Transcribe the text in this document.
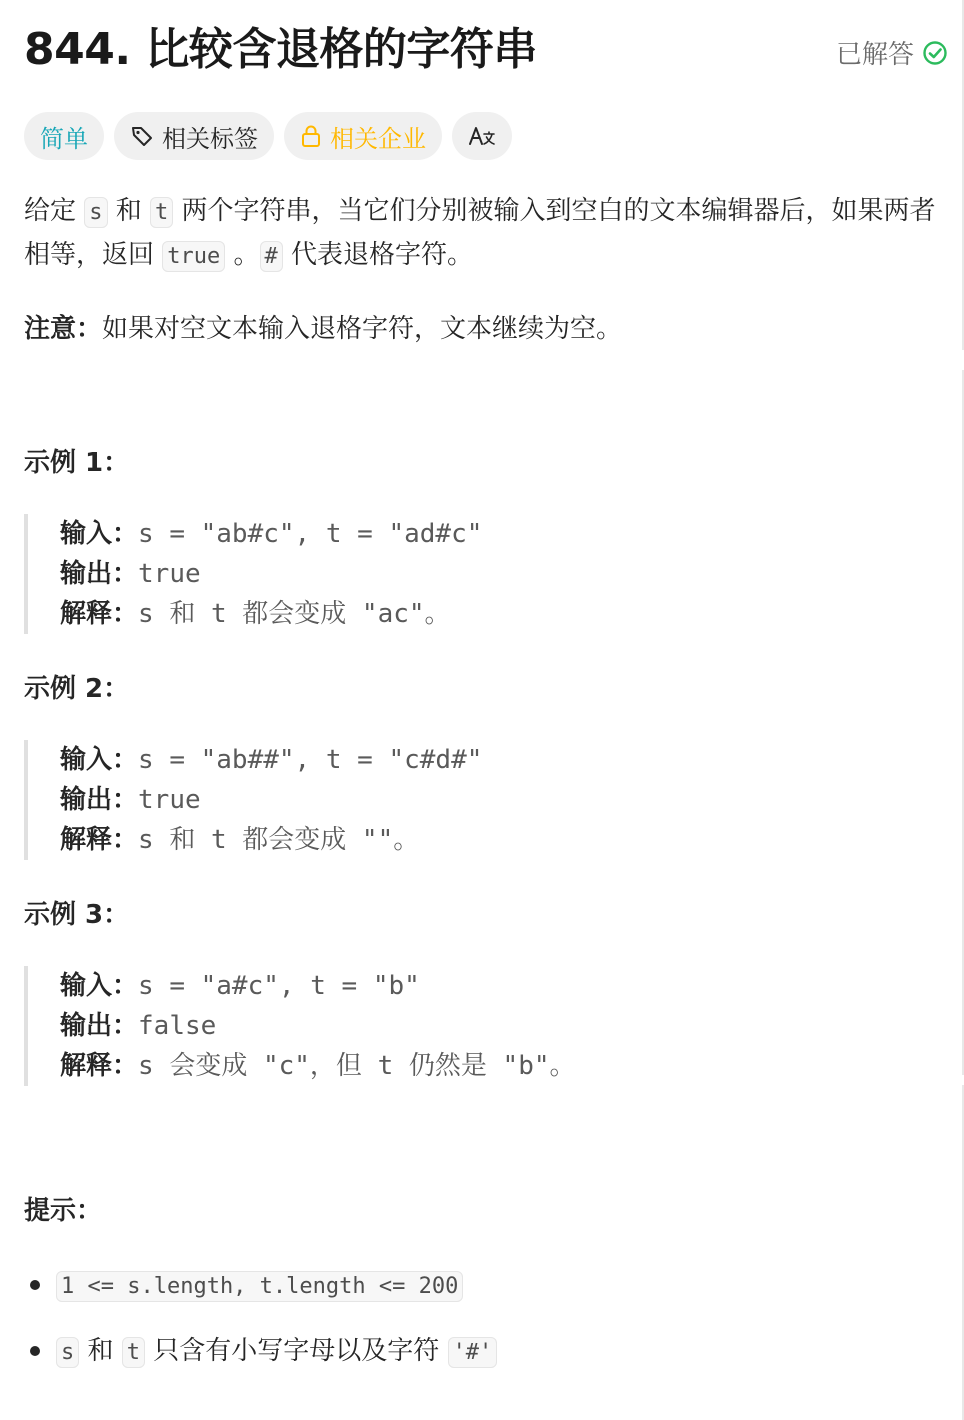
844. 比较含退格的字符串	已解答
简单	相关标签	相关企业

给定 s 和 t 两个字符串，当它们分别被输入到空白的文本编辑器后，如果两者相等，返回 true 。 # 代表退格字符。

注意：如果对空文本输入退格字符，文本继续为空。

示例 1：

输入：s = "ab#c", t = "ad#c"
输出：true
解释：s 和 t 都会变成 "ac"。

示例 2：

输入：s = "ab##", t = "c#d#"
输出：true
解释：s 和 t 都会变成 ""。

示例 3：

输入：s = "a#c", t = "b"
输出：false
解释：s 会变成 "c"，但 t 仍然是 "b"。

提示：

1 <= s.length, t.length <= 200
s 和 t 只含有小写字母以及字符 '#'
